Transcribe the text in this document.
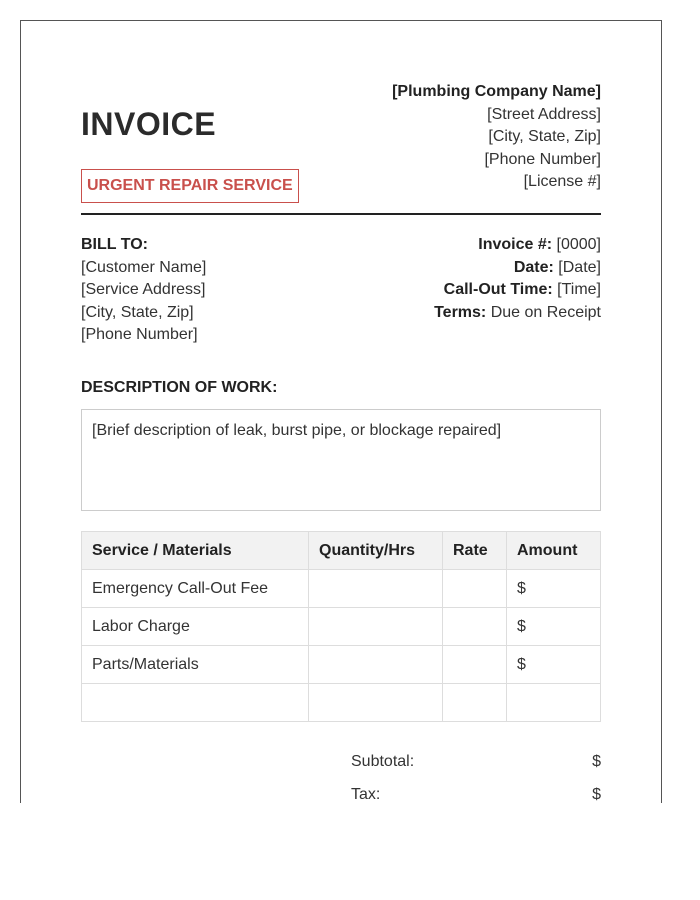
[Plumbing Company Name]
[Street Address]
[City, State, Zip]
[Phone Number]
[License #]
INVOICE
URGENT REPAIR SERVICE
BILL TO:
[Customer Name]
[Service Address]
[City, State, Zip]
[Phone Number]
Invoice #: [0000]
Date: [Date]
Call-Out Time: [Time]
Terms: Due on Receipt
DESCRIPTION OF WORK:
[Brief description of leak, burst pipe, or blockage repaired]
Service / Materials	Quantity/Hrs	Rate	Amount
Emergency Call-Out Fee			$
Labor Charge			$
Parts/Materials			$

Subtotal:	$
Tax:	$
